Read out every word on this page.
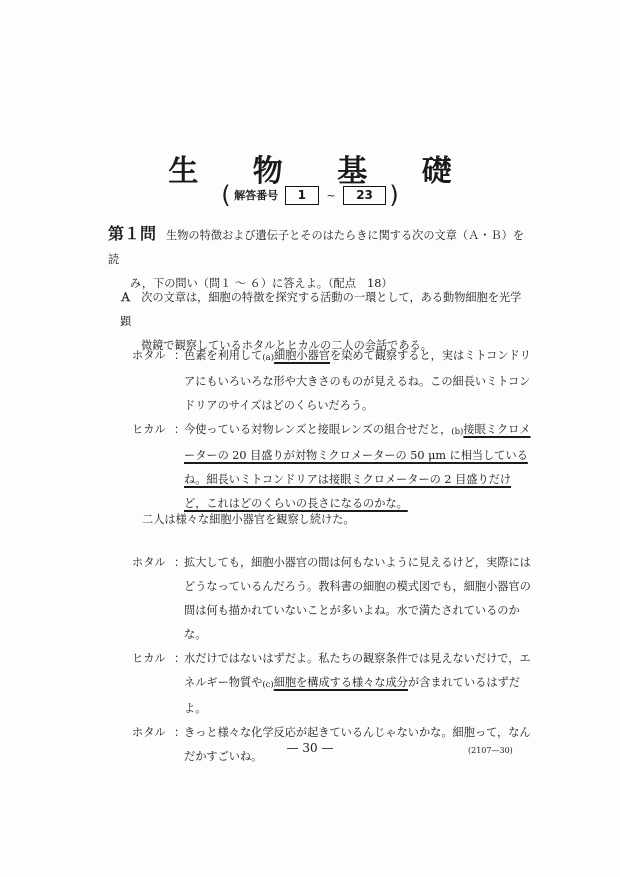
生 物 基 礎
( 解答番号 1 ~ 23 )
第１問 生物の特徴および遺伝子とそのはたらきに関する次の文章（Ａ・Ｂ）を読
み，下の問い（問１ ～ ６）に答えよ。（配点　18）
Ａ 次の文章は，細胞の特徴を探究する活動の一環として，ある動物細胞を光学顕
微鏡で観察しているホタルとヒカルの二人の会話である。
ホタル ：
色素を利用して(a)細胞小器官を染めて観察すると，実はミトコンドリアにもいろいろな形や大きさのものが見えるね。この細長いミトコンドリアのサイズはどのくらいだろう。
ヒカル ：
今使っている対物レンズと接眼レンズの組合せだと，(b)接眼ミクロメーターの 20 目盛りが対物ミクロメーターの 50 μm に相当しているね。細長いミトコンドリアは接眼ミクロメーターの 2 目盛りだけど，これはどのくらいの長さになるのかな。
二人は様々な細胞小器官を観察し続けた。
ホタル ：
拡大しても，細胞小器官の間は何もないように見えるけど，実際にはどうなっているんだろう。教科書の細胞の模式図でも，細胞小器官の間は何も描かれていないことが多いよね。水で満たされているのかな。
ヒカル ：
水だけではないはずだよ。私たちの観察条件では見えないだけで，エネルギー物質や(c)細胞を構成する様々な成分が含まれているはずだよ。
ホタル ：
きっと様々な化学反応が起きているんじゃないかな。細胞って，なんだかすごいね。
— 30 —	(2107—30)
